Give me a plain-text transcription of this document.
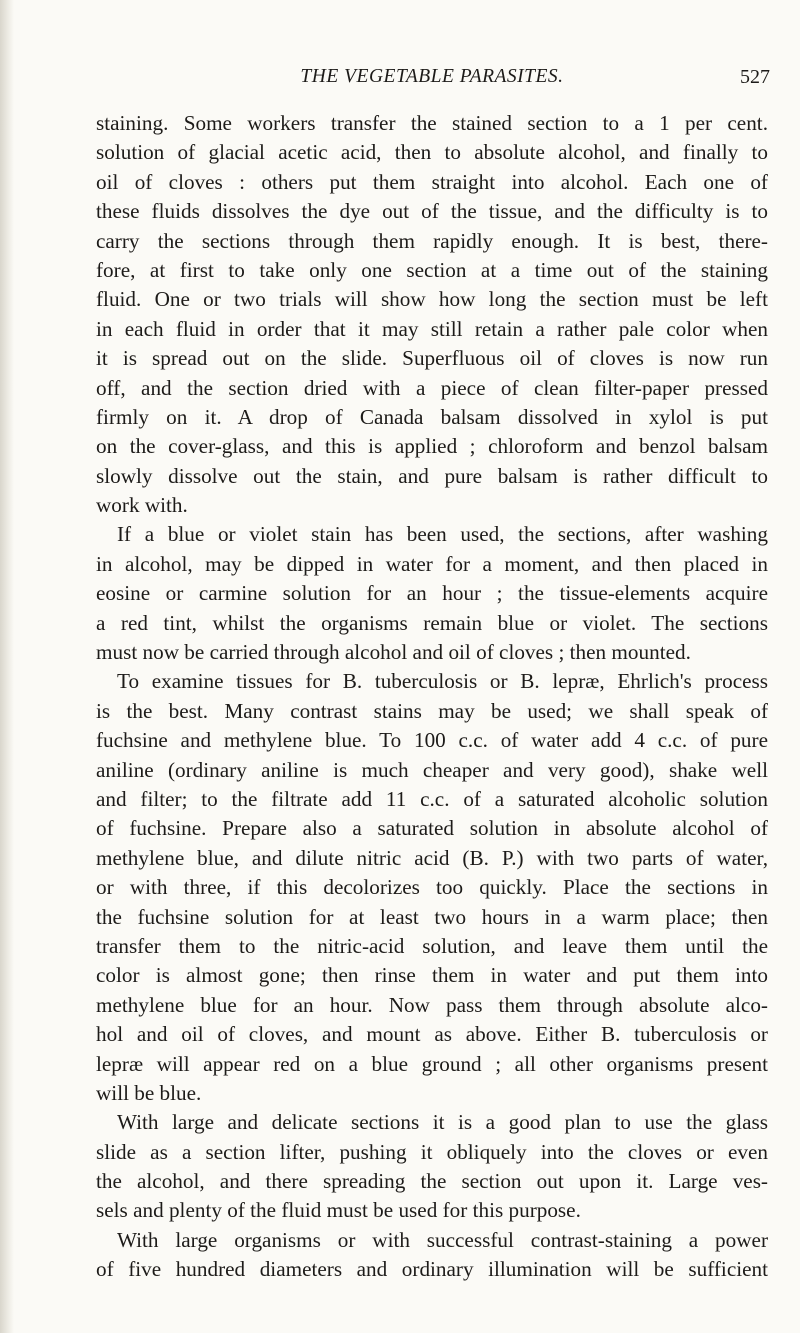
THE VEGETABLE PARASITES.	527
staining. Some workers transfer the stained section to a 1 per cent.
solution of glacial acetic acid, then to absolute alcohol, and finally to
oil of cloves : others put them straight into alcohol. Each one of
these fluids dissolves the dye out of the tissue, and the difficulty is to
carry the sections through them rapidly enough. It is best, there-
fore, at first to take only one section at a time out of the staining
fluid. One or two trials will show how long the section must be left
in each fluid in order that it may still retain a rather pale color when
it is spread out on the slide. Superfluous oil of cloves is now run
off, and the section dried with a piece of clean filter-paper pressed
firmly on it. A drop of Canada balsam dissolved in xylol is put
on the cover-glass, and this is applied ; chloroform and benzol balsam
slowly dissolve out the stain, and pure balsam is rather difficult to
work with.
If a blue or violet stain has been used, the sections, after washing
in alcohol, may be dipped in water for a moment, and then placed in
eosine or carmine solution for an hour ; the tissue-elements acquire
a red tint, whilst the organisms remain blue or violet. The sections
must now be carried through alcohol and oil of cloves ; then mounted.
To examine tissues for B. tuberculosis or B. lepræ, Ehrlich's process
is the best. Many contrast stains may be used; we shall speak of
fuchsine and methylene blue. To 100 c.c. of water add 4 c.c. of pure
aniline (ordinary aniline is much cheaper and very good), shake well
and filter; to the filtrate add 11 c.c. of a saturated alcoholic solution
of fuchsine. Prepare also a saturated solution in absolute alcohol of
methylene blue, and dilute nitric acid (B. P.) with two parts of water,
or with three, if this decolorizes too quickly. Place the sections in
the fuchsine solution for at least two hours in a warm place; then
transfer them to the nitric-acid solution, and leave them until the
color is almost gone; then rinse them in water and put them into
methylene blue for an hour. Now pass them through absolute alco-
hol and oil of cloves, and mount as above. Either B. tuberculosis or
lepræ will appear red on a blue ground ; all other organisms present
will be blue.
With large and delicate sections it is a good plan to use the glass
slide as a section lifter, pushing it obliquely into the cloves or even
the alcohol, and there spreading the section out upon it. Large ves-
sels and plenty of the fluid must be used for this purpose.
With large organisms or with successful contrast-staining a power
of five hundred diameters and ordinary illumination will be sufficient
